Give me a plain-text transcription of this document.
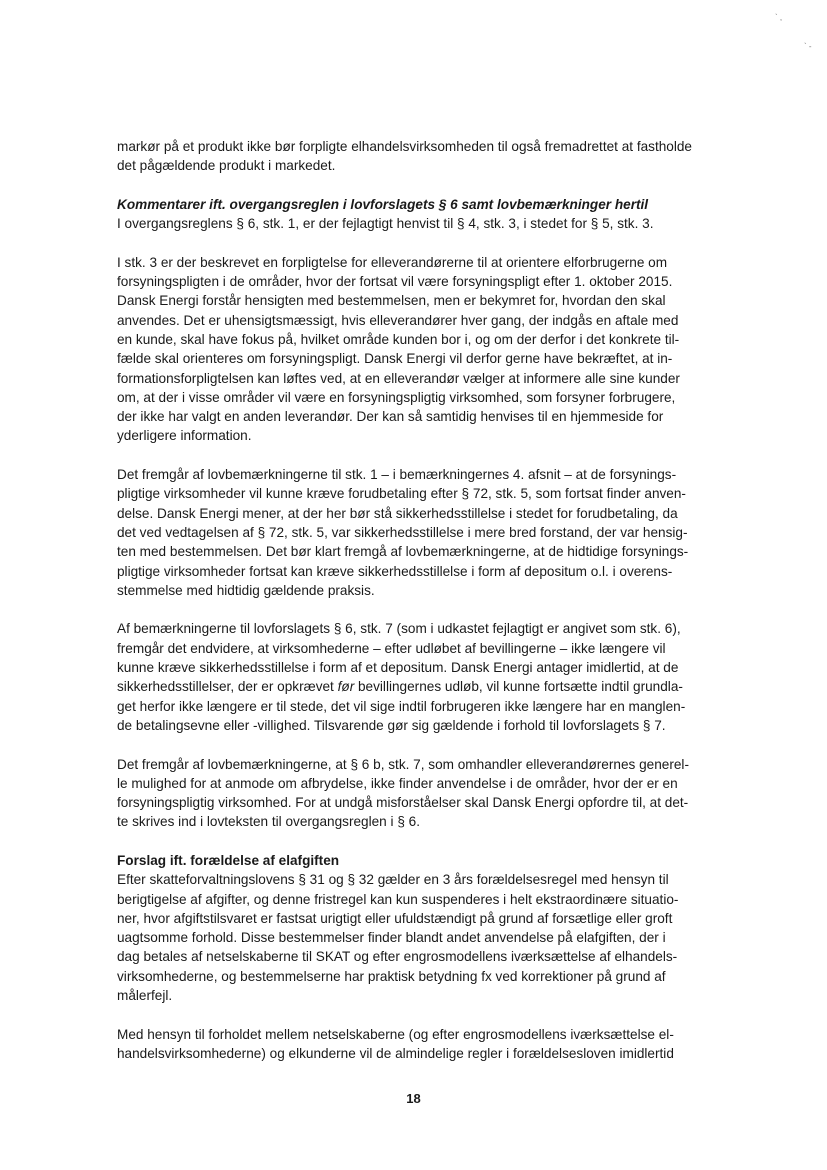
` ,
` -

markør på et produkt ikke bør forpligte elhandelsvirksomheden til også fremadrettet at fastholde
det pågældende produkt i markedet.

Kommentarer ift. overgangsreglen i lovforslagets § 6 samt lovbemærkninger hertil
I overgangsreglens § 6, stk. 1, er der fejlagtigt henvist til § 4, stk. 3, i stedet for § 5, stk. 3.

I stk. 3 er der beskrevet en forpligtelse for elleverandørerne til at orientere elforbrugerne om
forsyningspligten i de områder, hvor der fortsat vil være forsyningspligt efter 1. oktober 2015.
Dansk Energi forstår hensigten med bestemmelsen, men er bekymret for, hvordan den skal
anvendes. Det er uhensigtsmæssigt, hvis elleverandører hver gang, der indgås en aftale med
en kunde, skal have fokus på, hvilket område kunden bor i, og om der derfor i det konkrete til-
fælde skal orienteres om forsyningspligt. Dansk Energi vil derfor gerne have bekræftet, at in-
formationsforpligtelsen kan løftes ved, at en elleverandør vælger at informere alle sine kunder
om, at der i visse områder vil være en forsyningspligtig virksomhed, som forsyner forbrugere,
der ikke har valgt en anden leverandør. Der kan så samtidig henvises til en hjemmeside for
yderligere information.

Det fremgår af lovbemærkningerne til stk. 1 – i bemærkningernes 4. afsnit – at de forsynings-
pligtige virksomheder vil kunne kræve forudbetaling efter § 72, stk. 5, som fortsat finder anven-
delse. Dansk Energi mener, at der her bør stå sikkerhedsstillelse i stedet for forudbetaling, da
det ved vedtagelsen af § 72, stk. 5, var sikkerhedsstillelse i mere bred forstand, der var hensig-
ten med bestemmelsen. Det bør klart fremgå af lovbemærkningerne, at de hidtidige forsynings-
pligtige virksomheder fortsat kan kræve sikkerhedsstillelse i form af depositum o.l. i overens-
stemmelse med hidtidig gældende praksis.

Af bemærkningerne til lovforslagets § 6, stk. 7 (som i udkastet fejlagtigt er angivet som stk. 6),
fremgår det endvidere, at virksomhederne – efter udløbet af bevillingerne – ikke længere vil
kunne kræve sikkerhedsstillelse i form af et depositum. Dansk Energi antager imidlertid, at de
sikkerhedsstillelser, der er opkrævet før bevillingernes udløb, vil kunne fortsætte indtil grundla-
get herfor ikke længere er til stede, det vil sige indtil forbrugeren ikke længere har en manglen-
de betalingsevne eller -villighed. Tilsvarende gør sig gældende i forhold til lovforslagets § 7.

Det fremgår af lovbemærkningerne, at § 6 b, stk. 7, som omhandler elleverandørernes generel-
le mulighed for at anmode om afbrydelse, ikke finder anvendelse i de områder, hvor der er en
forsyningspligtig virksomhed. For at undgå misforståelser skal Dansk Energi opfordre til, at det-
te skrives ind i lovteksten til overgangsreglen i § 6.

Forslag ift. forældelse af elafgiften
Efter skatteforvaltningslovens § 31 og § 32 gælder en 3 års forældelsesregel med hensyn til
berigtigelse af afgifter, og denne fristregel kan kun suspenderes i helt ekstraordinære situatio-
ner, hvor afgiftstilsvaret er fastsat urigtigt eller ufuldstændigt på grund af forsætlige eller groft
uagtsomme forhold. Disse bestemmelser finder blandt andet anvendelse på elafgiften, der i
dag betales af netselskaberne til SKAT og efter engrosmodellens iværksættelse af elhandels-
virksomhederne, og bestemmelserne har praktisk betydning fx ved korrektioner på grund af
målerfejl.

Med hensyn til forholdet mellem netselskaberne (og efter engrosmodellens iværksættelse el-
handelsvirksomhederne) og elkunderne vil de almindelige regler i forældelsesloven imidlertid

18
